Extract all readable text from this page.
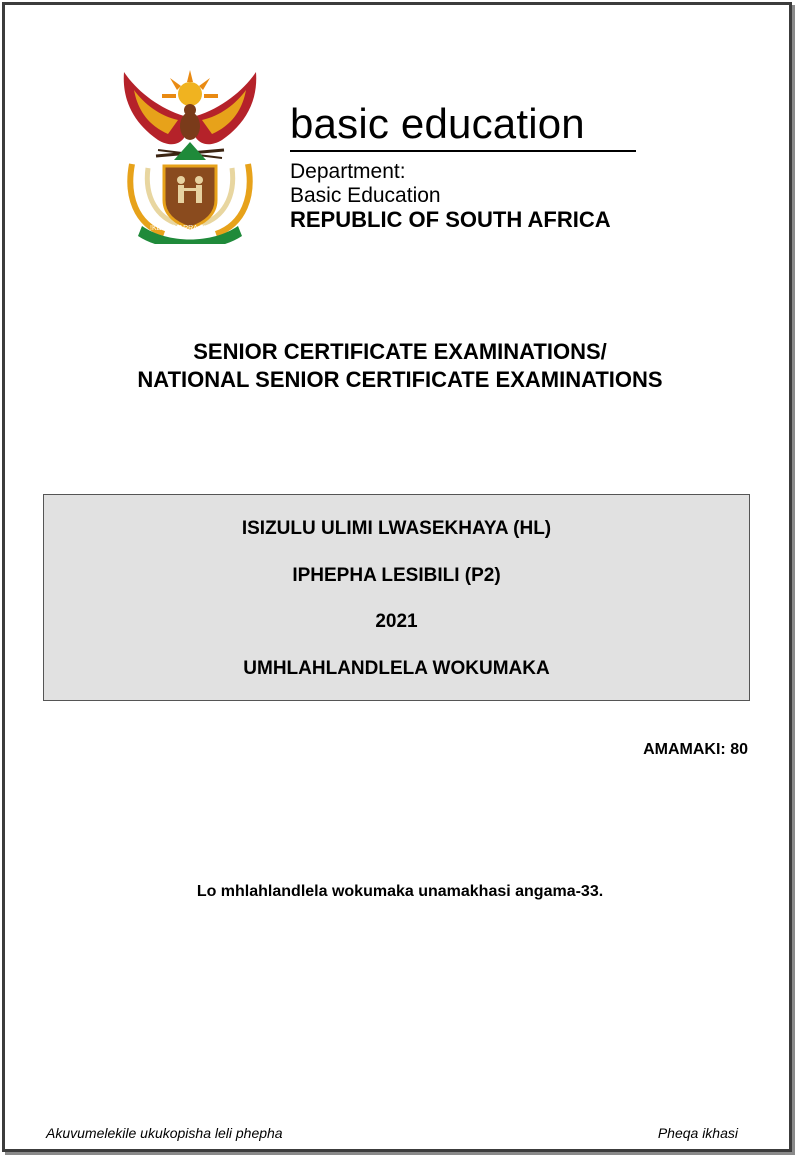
!KE E: /XARRA //KE
basic education
Department:
Basic Education
REPUBLIC OF SOUTH AFRICA
SENIOR CERTIFICATE EXAMINATIONS/
NATIONAL SENIOR CERTIFICATE EXAMINATIONS
ISIZULU ULIMI LWASEKHAYA (HL)
IPHEPHA LESIBILI (P2)
2021
UMHLAHLANDLELA WOKUMAKA
AMAMAKI: 80
Lo mhlahlandlela wokumaka unamakhasi angama-33.
Akuvumelekile ukukopisha leli phepha	Pheqa ikhasi
